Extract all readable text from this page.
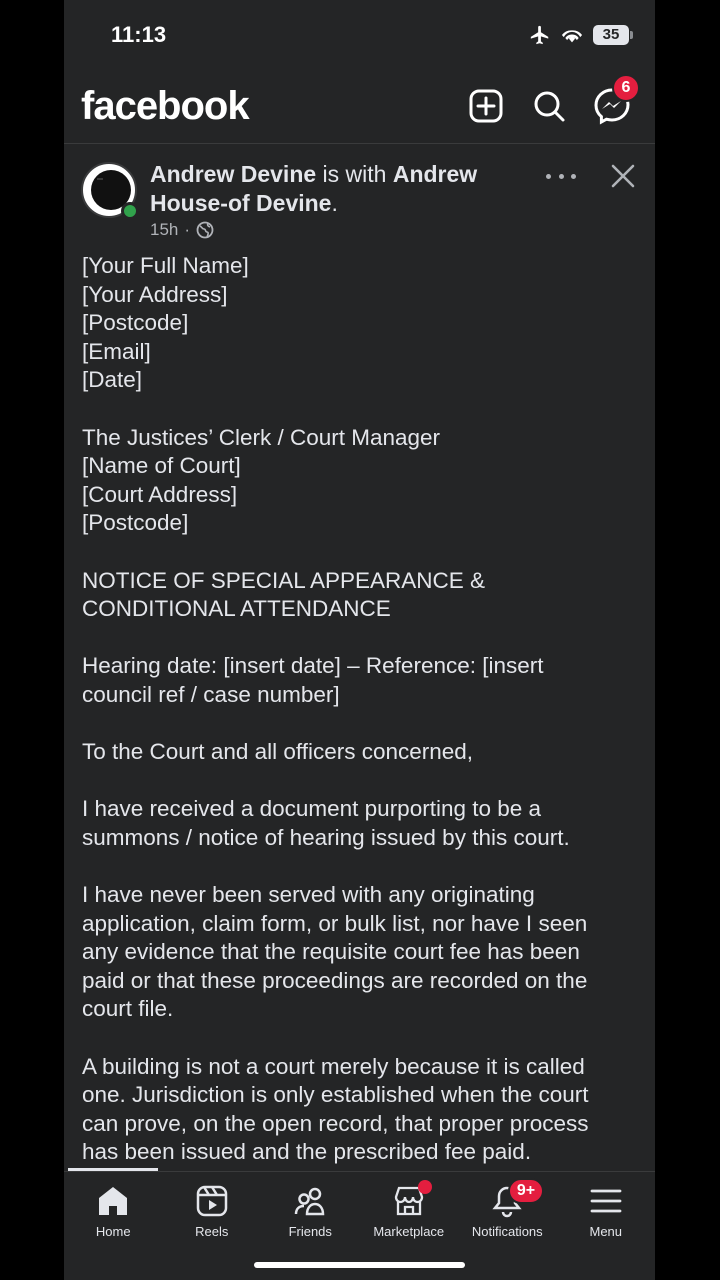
11:13	35
facebook	6
⋯ Andrew Devine is with Andrew House-of Devine.
15h ·

[Your Full Name]
[Your Address]
[Postcode]
[Email]
[Date]

The Justices’ Clerk / Court Manager
[Name of Court]
[Court Address]
[Postcode]

NOTICE OF SPECIAL APPEARANCE &
CONDITIONAL ATTENDANCE

Hearing date: [insert date] – Reference: [insert
council ref / case number]

To the Court and all officers concerned,

I have received a document purporting to be a
summons / notice of hearing issued by this court.

I have never been served with any originating
application, claim form, or bulk list, nor have I seen
any evidence that the requisite court fee has been
paid or that these proceedings are recorded on the
court file.

A building is not a court merely because it is called
one. Jurisdiction is only established when the court
can prove, on the open record, that proper process
has been issued and the prescribed fee paid.

Home	Reels	Friends	Marketplace
9+
Notifications	Menu
